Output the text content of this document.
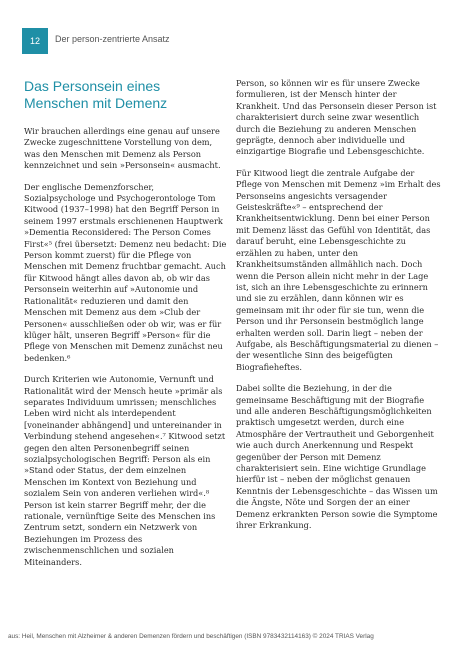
12	Der person-zentrierte Ansatz
Das Personsein eines
Menschen mit Demenz

Wir brauchen allerdings eine genau auf unsere Zwecke zugeschnittene Vorstellung von dem, was den Menschen mit Demenz als Person kennzeichnet und sein »Personsein« ausmacht.

Der englische Demenzforscher, Sozialpsychologe und Psychogerontologe Tom Kitwood (1937–1998) hat den Begriff Person in seinem 1997 erstmals erschienenen Hauptwerk »Dementia Reconsidered: The Person Comes First«⁵ (frei übersetzt: Demenz neu bedacht: Die Person kommt zuerst) für die Pflege von Menschen mit Demenz fruchtbar gemacht. Auch für Kitwood hängt alles davon ab, ob wir das Personsein weiterhin auf »Autonomie und Rationalität« reduzieren und damit den Menschen mit Demenz aus dem »Club der Personen« ausschließen oder ob wir, was er für klüger hält, unseren Begriff »Person« für die Pflege von Menschen mit Demenz zunächst neu bedenken.⁶

Durch Kriterien wie Autonomie, Vernunft und Rationalität wird der Mensch heute »primär als separates Individuum umrissen; menschliches Leben wird nicht als interdependent [voneinander abhängend] und untereinander in Verbindung stehend angesehen«.⁷ Kitwood setzt gegen den alten Personenbegriff seinen sozialpsychologischen Begriff: Person als ein »Stand oder Status, der dem einzelnen Menschen im Kontext von Beziehung und sozialem Sein von anderen verliehen wird«.⁸ Person ist kein starrer Begriff mehr, der die rationale, vernünftige Seite des Menschen ins Zentrum setzt, sondern ein Netzwerk von Beziehungen im Prozess des zwischenmenschlichen und sozialen Miteinanders.

Person, so können wir es für unsere Zwecke formulieren, ist der Mensch hinter der Krankheit. Und das Personsein dieser Person ist charakterisiert durch seine zwar wesentlich durch die Beziehung zu anderen Menschen geprägte, dennoch aber individuelle und einzigartige Biografie und Lebensgeschichte.

Für Kitwood liegt die zentrale Aufgabe der Pflege von Menschen mit Demenz »im Erhalt des Personseins angesichts versagender Geisteskräfte«⁹ – entsprechend der Krankheitsentwicklung. Denn bei einer Person mit Demenz lässt das Gefühl von Identität, das darauf beruht, eine Lebensgeschichte zu erzählen zu haben, unter den Krankheitsumständen allmählich nach. Doch wenn die Person allein nicht mehr in der Lage ist, sich an ihre Lebensgeschichte zu erinnern und sie zu erzählen, dann können wir es gemeinsam mit ihr oder für sie tun, wenn die Person und ihr Personsein bestmöglich lange erhalten werden soll. Darin liegt – neben der Aufgabe, als Beschäftigungsmaterial zu dienen – der wesentliche Sinn des beigefügten Biografieheftes.

Dabei sollte die Beziehung, in der die gemeinsame Beschäftigung mit der Biografie und alle anderen Beschäftigungsmöglichkeiten praktisch umgesetzt werden, durch eine Atmosphäre der Vertrautheit und Geborgenheit wie auch durch Anerkennung und Respekt gegenüber der Person mit Demenz charakterisiert sein. Eine wichtige Grundlage hierfür ist – neben der möglichst genauen Kenntnis der Lebensgeschichte – das Wissen um die Ängste, Nöte und Sorgen der an einer Demenz erkrankten Person sowie die Symptome ihrer Erkrankung.

aus: Heil, Menschen mit Alzheimer & anderen Demenzen fördern und beschäftigen (ISBN 9783432114163) © 2024 TRIAS Verlag
